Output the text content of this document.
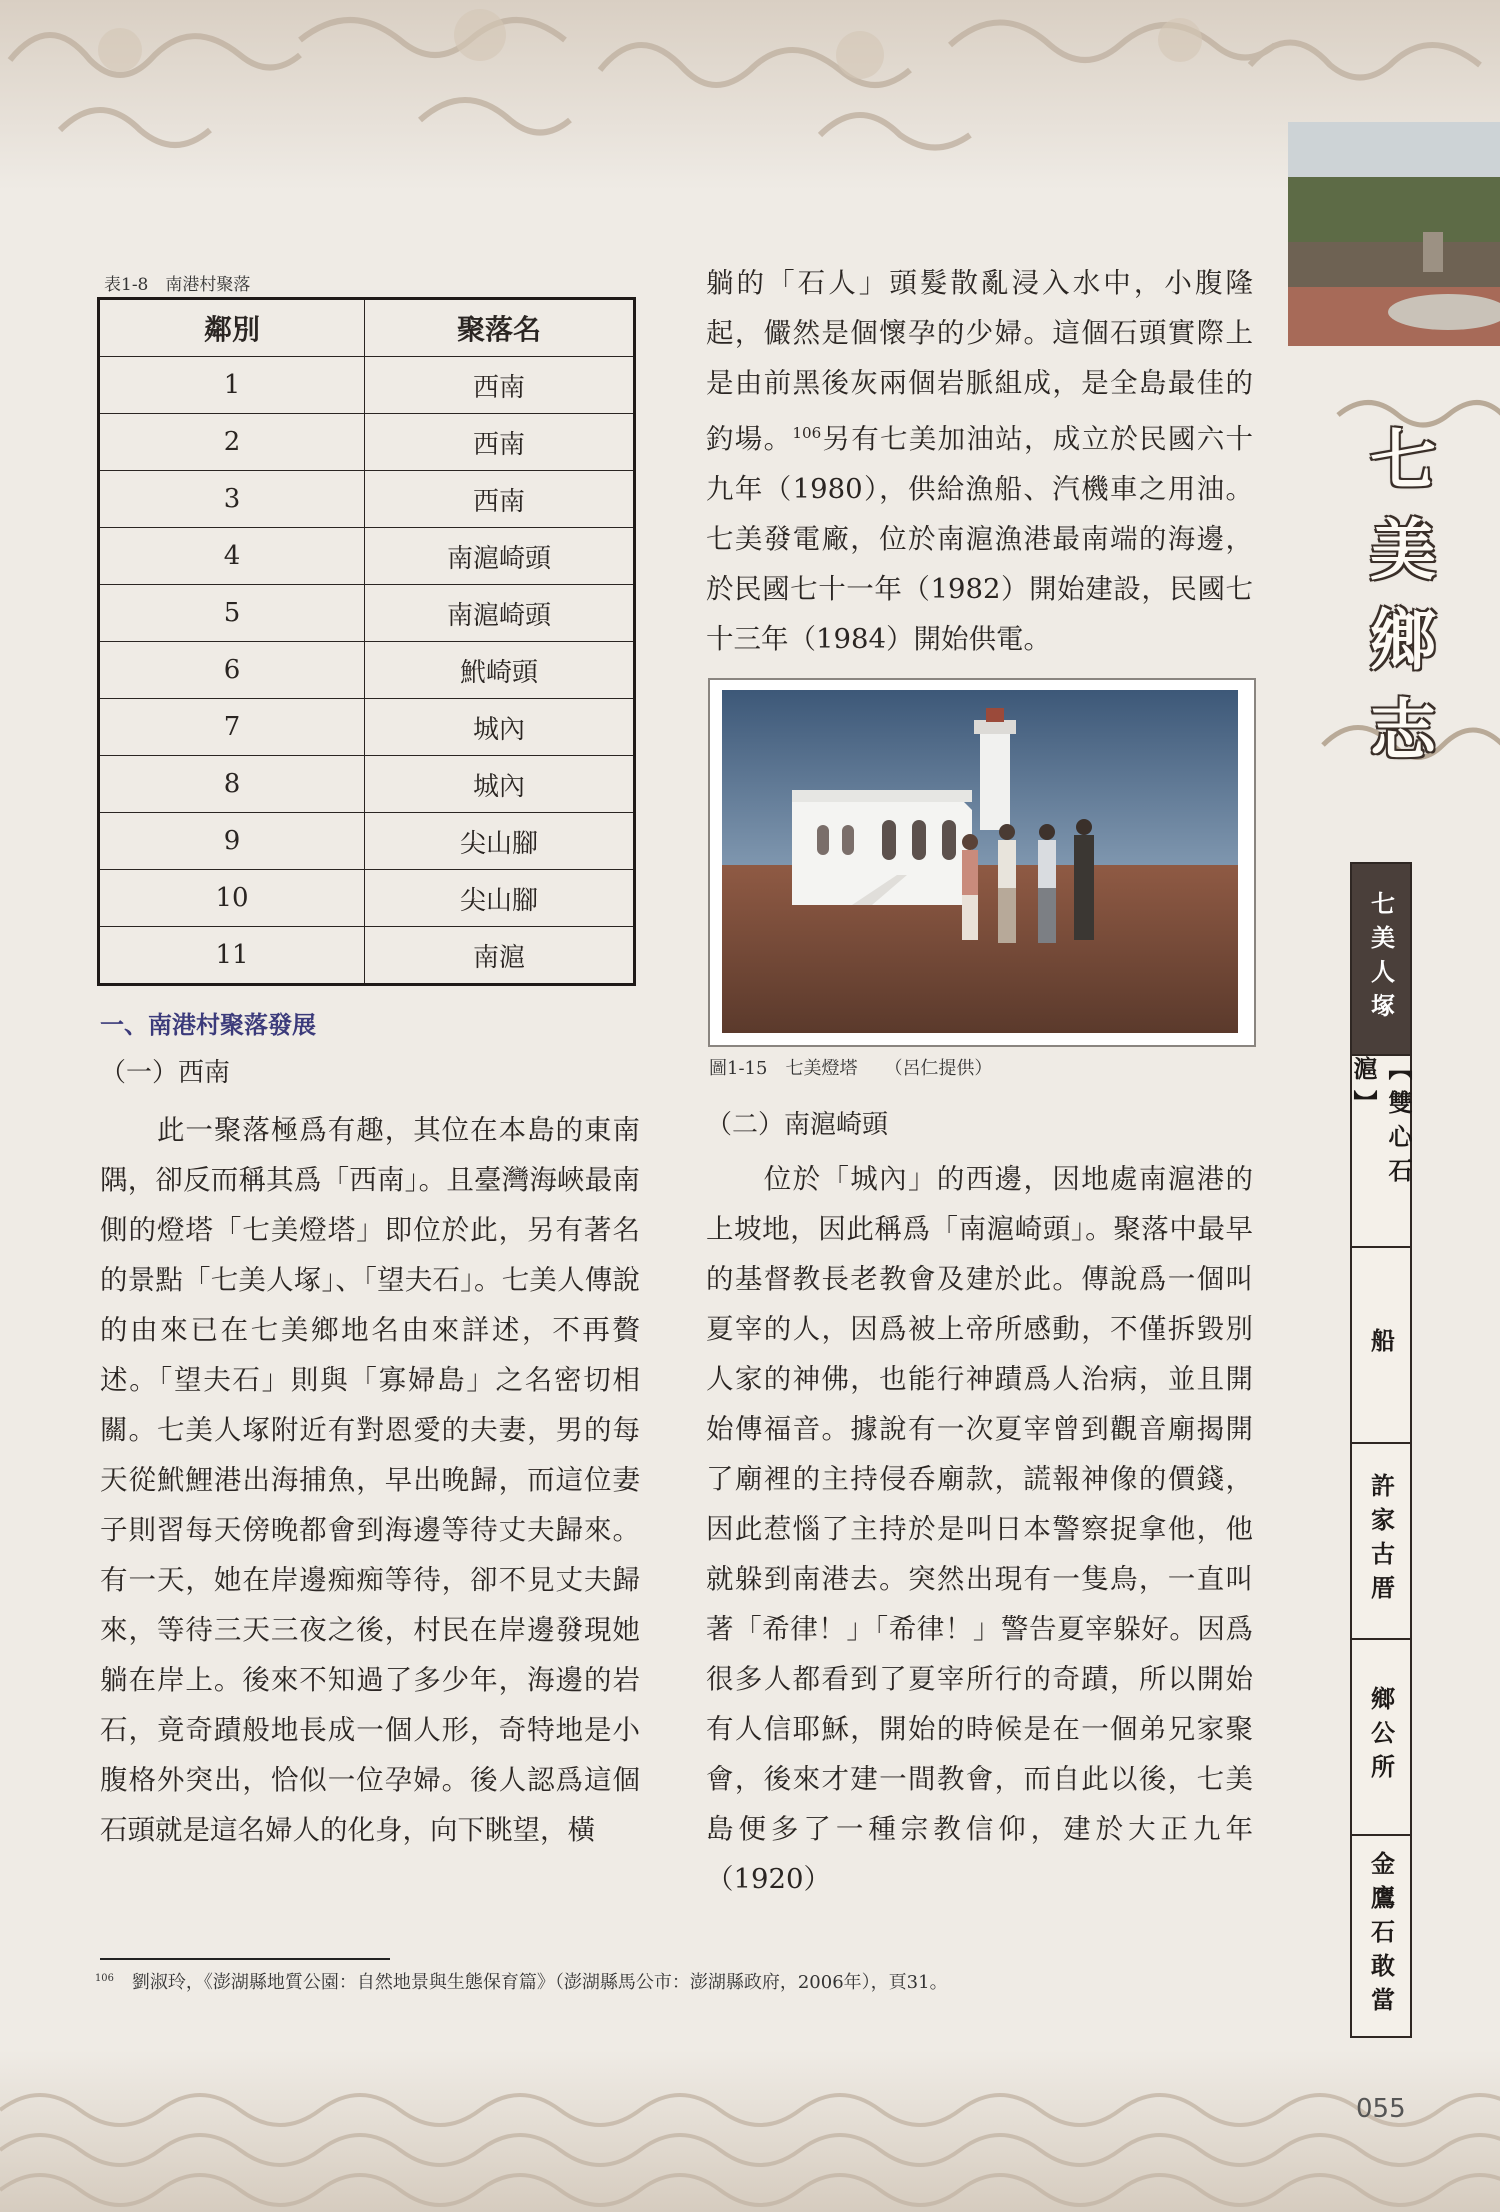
七
美
鄉
志
七美人塚
【雙心石滬】
船
許家古厝
鄉公所
金鷹石敢當
表1-8　南港村聚落
鄰別	聚落名
1	西南
2	西南
3	西南
4	南滬崎頭
5	南滬崎頭
6	鮘崎頭
7	城內
8	城內
9	尖山腳
10	尖山腳
11	南滬
一、南港村聚落發展
（一）西南
　　此一聚落極爲有趣，其位在本島的東南隅，卻反而稱其爲「西南」。且臺灣海峽最南側的燈塔「七美燈塔」即位於此，另有著名的景點「七美人塚」、「望夫石」。七美人傳說的由來已在七美鄉地名由來詳述，不再贅述。「望夫石」則與「寡婦島」之名密切相關。七美人塚附近有對恩愛的夫妻，男的每天從鮘鯉港出海捕魚，早出晚歸，而這位妻子則習每天傍晚都會到海邊等待丈夫歸來。有一天，她在岸邊痴痴等待，卻不見丈夫歸來，等待三天三夜之後，村民在岸邊發現她躺在岸上。後來不知過了多少年，海邊的岩石，竟奇蹟般地長成一個人形，奇特地是小腹格外突出，恰似一位孕婦。後人認爲這個石頭就是這名婦人的化身，向下眺望，橫
躺的「石人」頭髮散亂浸入水中，小腹隆起，儼然是個懷孕的少婦。這個石頭實際上是由前黑後灰兩個岩脈組成，是全島最佳的釣場。$^{106}$另有七美加油站，成立於民國六十九年（1980），供給漁船、汽機車之用油。七美發電廠，位於南滬漁港最南端的海邊，於民國七十一年（1982）開始建設，民國七十三年（1984）開始供電。
圖1-15　七美燈塔　　（呂仁提供）
（二）南滬崎頭
　　位於「城內」的西邊，因地處南滬港的上坡地，因此稱爲「南滬崎頭」。聚落中最早的基督教長老教會及建於此。傳說爲一個叫夏宰的人，因爲被上帝所感動，不僅拆毀別人家的神佛，也能行神蹟爲人治病，並且開始傳福音。據說有一次夏宰曾到觀音廟揭開了廟裡的主持侵呑廟款，謊報神像的價錢，因此惹惱了主持於是叫日本警察捉拿他，他就躲到南港去。突然出現有一隻鳥，一直叫著「希律！」「希律！」警告夏宰躲好。因爲很多人都看到了夏宰所行的奇蹟，所以開始有人信耶穌，開始的時候是在一個弟兄家聚會，後來才建一間教會，而自此以後，七美島便多了一種宗教信仰，建於大正九年（1920）
$^{106}$　 劉淑玲，《澎湖縣地質公園：自然地景與生態保育篇》（澎湖縣馬公市：澎湖縣政府，2006年），頁31。
055
